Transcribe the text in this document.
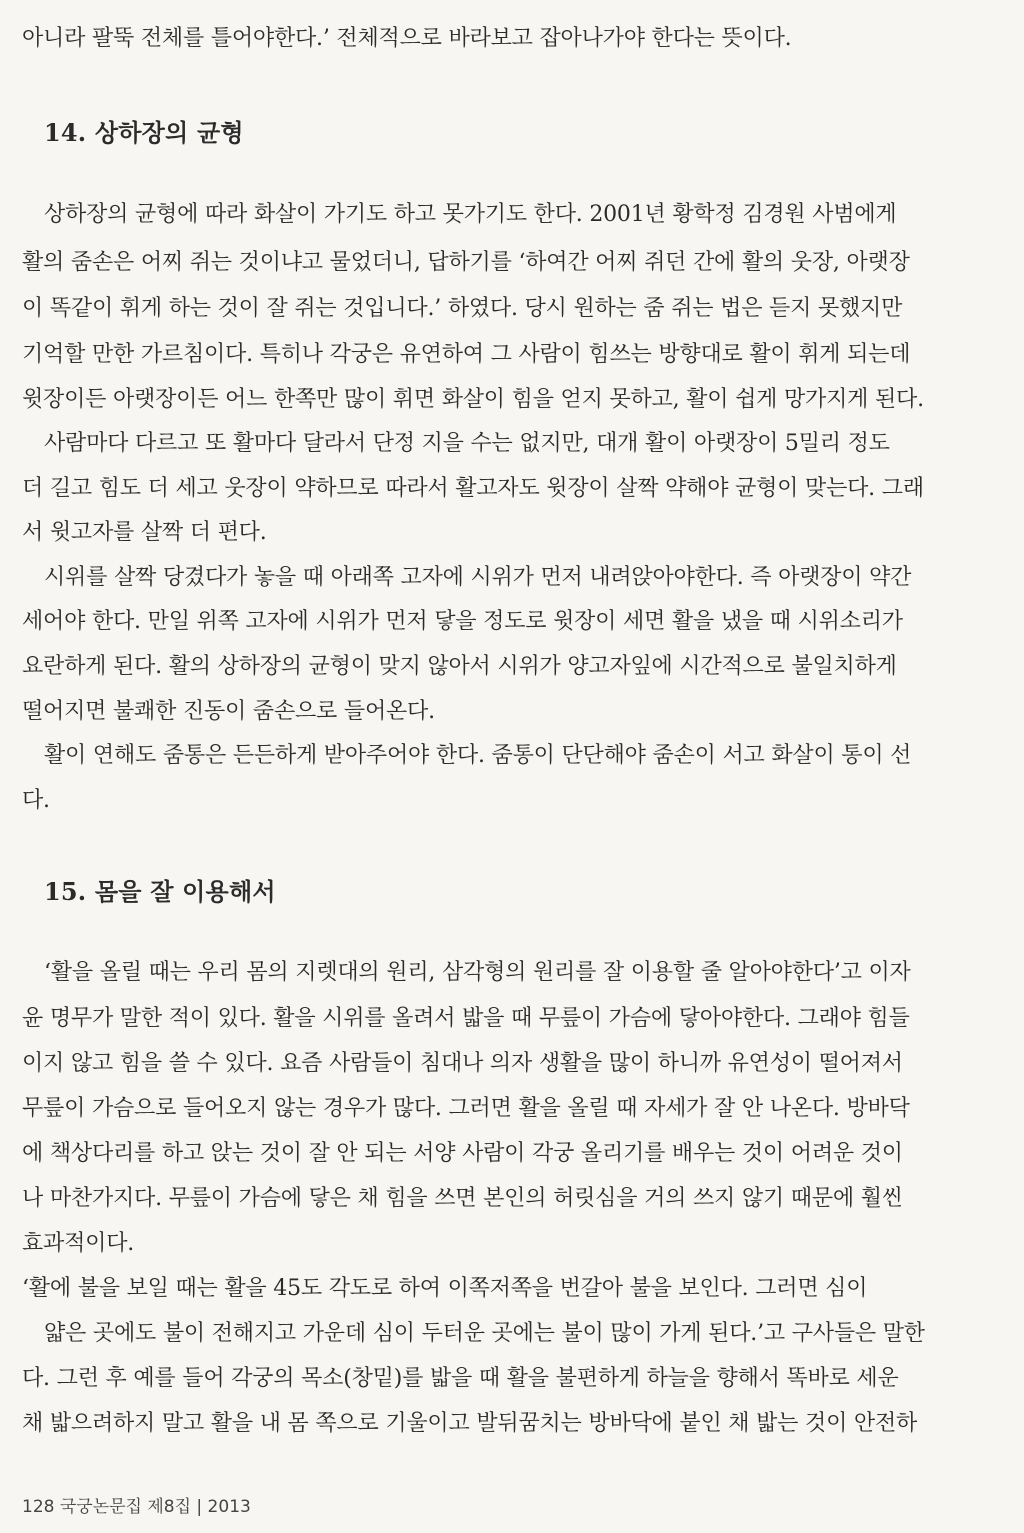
아니라 팔뚝 전체를 틀어야한다.’ 전체적으로 바라보고 잡아나가야 한다는 뜻이다.
14. 상하장의 균형
상하장의 균형에 따라 화살이 가기도 하고 못가기도 한다. 2001년 황학정 김경원 사범에게
활의 줌손은 어찌 쥐는 것이냐고 물었더니, 답하기를 ‘하여간 어찌 쥐던 간에 활의 웃장, 아랫장
이 똑같이 휘게 하는 것이 잘 쥐는 것입니다.’ 하였다. 당시 원하는 줌 쥐는 법은 듣지 못했지만
기억할 만한 가르침이다. 특히나 각궁은 유연하여 그 사람이 힘쓰는 방향대로 활이 휘게 되는데
윗장이든 아랫장이든 어느 한쪽만 많이 휘면 화살이 힘을 얻지 못하고, 활이 쉽게 망가지게 된다.
사람마다 다르고 또 활마다 달라서 단정 지을 수는 없지만, 대개 활이 아랫장이 5밀리 정도
더 길고 힘도 더 세고 웃장이 약하므로 따라서 활고자도 윗장이 살짝 약해야 균형이 맞는다. 그래
서 윗고자를 살짝 더 편다.
시위를 살짝 당겼다가 놓을 때 아래쪽 고자에 시위가 먼저 내려앉아야한다. 즉 아랫장이 약간
세어야 한다. 만일 위쪽 고자에 시위가 먼저 닿을 정도로 윗장이 세면 활을 냈을 때 시위소리가
요란하게 된다. 활의 상하장의 균형이 맞지 않아서 시위가 양고자잎에 시간적으로 불일치하게
떨어지면 불쾌한 진동이 줌손으로 들어온다.
활이 연해도 줌통은 든든하게 받아주어야 한다. 줌통이 단단해야 줌손이 서고 화살이 통이 선
다.
15. 몸을 잘 이용해서
‘활을 올릴 때는 우리 몸의 지렛대의 원리, 삼각형의 원리를 잘 이용할 줄 알아야한다’고 이자
윤 명무가 말한 적이 있다. 활을 시위를 올려서 밟을 때 무릎이 가슴에 닿아야한다. 그래야 힘들
이지 않고 힘을 쓸 수 있다. 요즘 사람들이 침대나 의자 생활을 많이 하니까 유연성이 떨어져서
무릎이 가슴으로 들어오지 않는 경우가 많다. 그러면 활을 올릴 때 자세가 잘 안 나온다. 방바닥
에 책상다리를 하고 앉는 것이 잘 안 되는 서양 사람이 각궁 올리기를 배우는 것이 어려운 것이
나 마찬가지다. 무릎이 가슴에 닿은 채 힘을 쓰면 본인의 허릿심을 거의 쓰지 않기 때문에 훨씬
효과적이다.
‘활에 불을 보일 때는 활을 45도 각도로 하여 이쪽저쪽을 번갈아 불을 보인다. 그러면 심이
얇은 곳에도 불이 전해지고 가운데 심이 두터운 곳에는 불이 많이 가게 된다.’고 구사들은 말한
다. 그런 후 예를 들어 각궁의 목소(창밑)를 밟을 때 활을 불편하게 하늘을 향해서 똑바로 세운
채 밟으려하지 말고 활을 내 몸 쪽으로 기울이고 발뒤꿈치는 방바닥에 붙인 채 밟는 것이 안전하
128 국궁논문집 제8집 | 2013
